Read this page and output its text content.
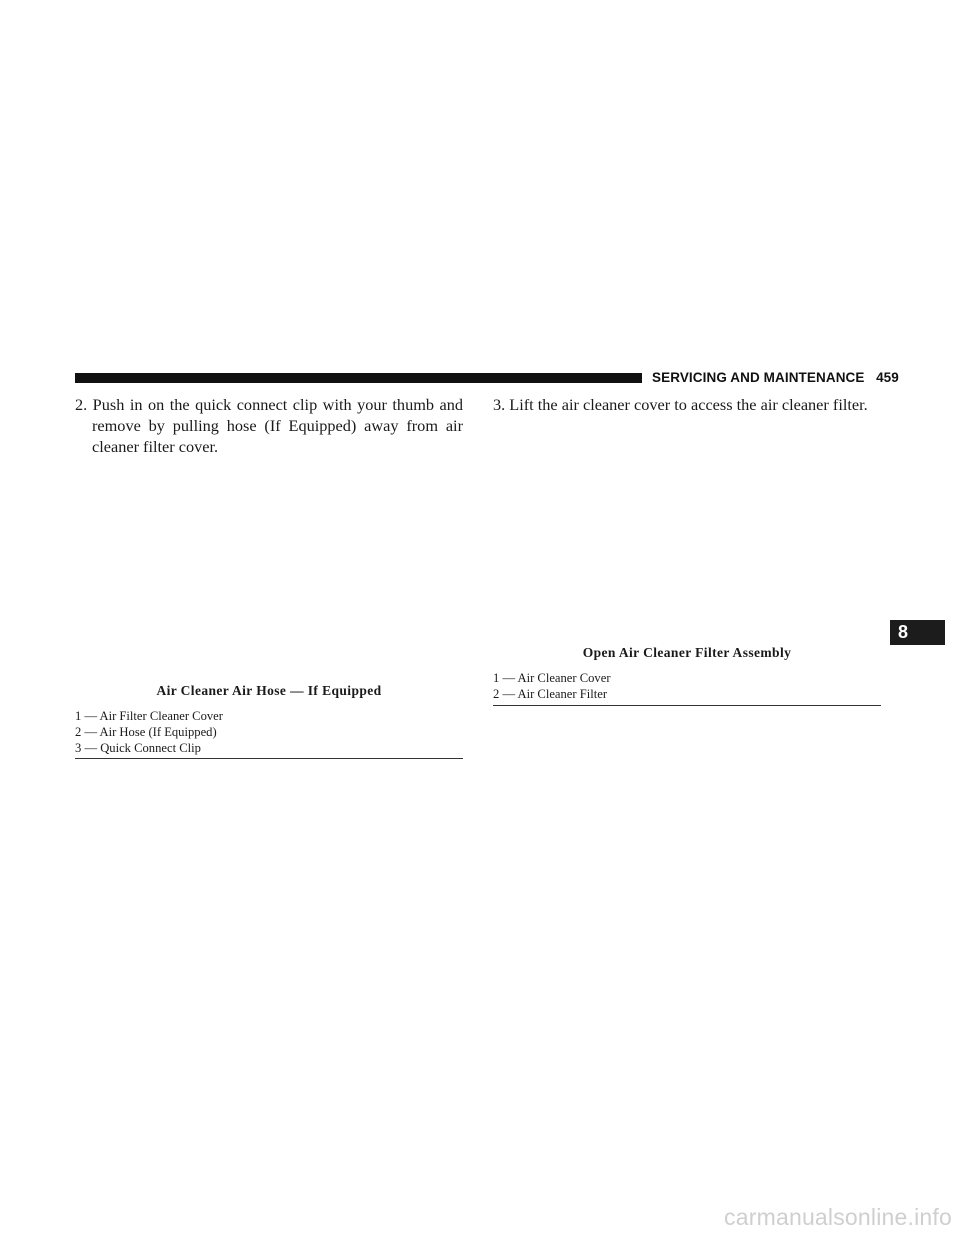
SERVICING AND MAINTENANCE 459
2. Push in on the quick connect clip with your thumb and
remove by pulling hose (If Equipped) away from air
cleaner filter cover.
3. Lift the air cleaner cover to access the air cleaner filter.
Air Cleaner Air Hose — If Equipped
1 — Air Filter Cleaner Cover
2 — Air Hose (If Equipped)
3 — Quick Connect Clip
Open Air Cleaner Filter Assembly
1 — Air Cleaner Cover
2 — Air Cleaner Filter
8
carmanualsonline.info
